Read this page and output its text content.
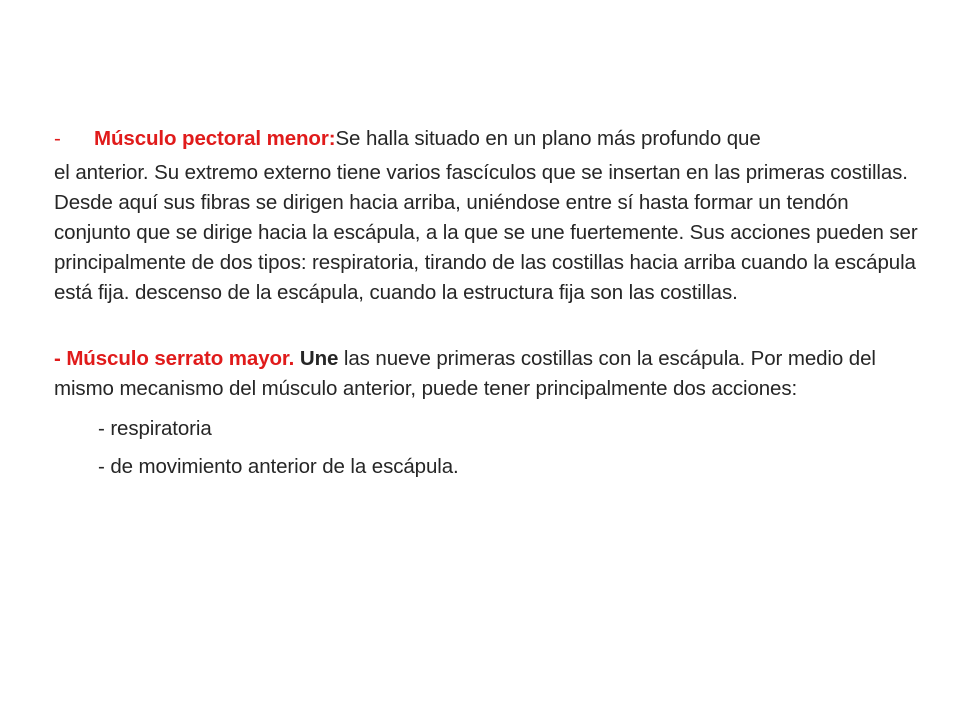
-	Músculo pectoral menor: Se halla situado en un plano más profundo que

el anterior. Su extremo externo tiene varios fascículos que se insertan en las primeras costillas. Desde aquí sus fibras se dirigen hacia arriba, uniéndose entre sí hasta formar un tendón conjunto que se dirige hacia la escápula, a la que se une fuertemente. Sus acciones pueden ser principalmente de dos tipos: respiratoria, tirando de las costillas hacia arriba cuando la escápula está fija. descenso de la escápula, cuando la estructura fija son las costillas.

- Músculo serrato mayor. Une las nueve primeras costillas con la escápula. Por medio del mismo mecanismo del músculo anterior, puede tener principalmente dos acciones:

- respiratoria

- de movimiento anterior de la escápula.
